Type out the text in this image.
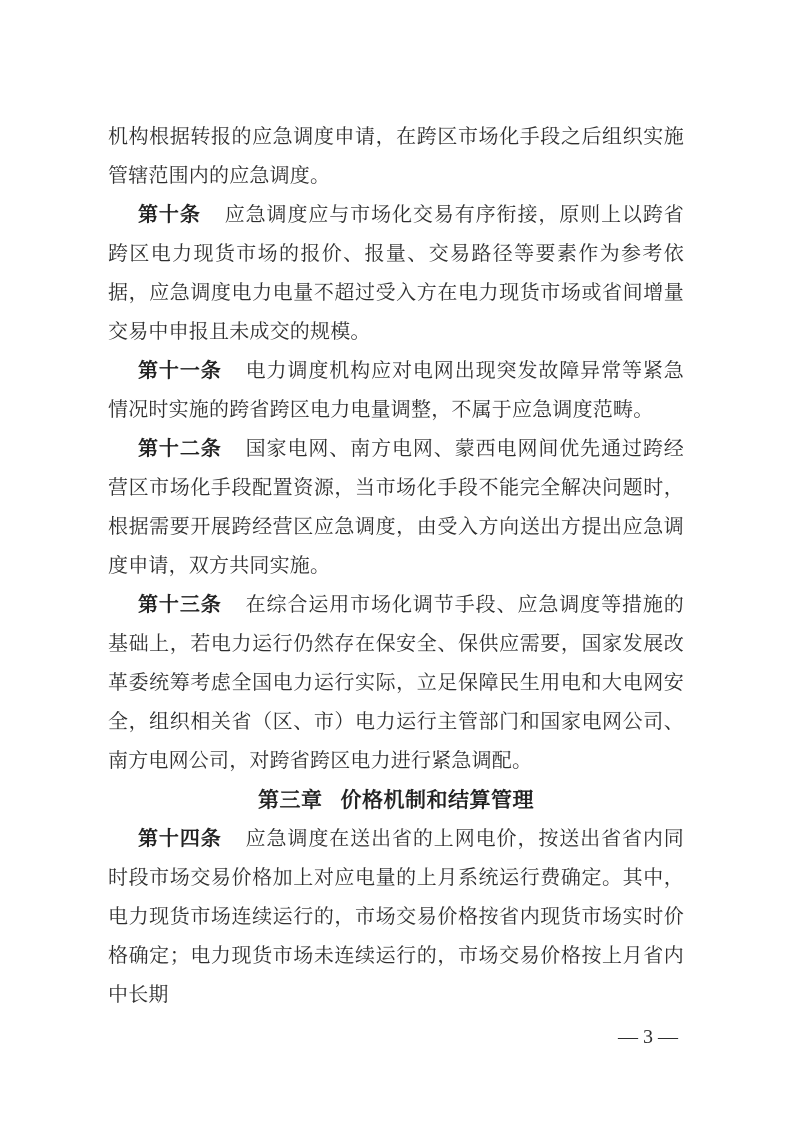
机构根据转报的应急调度申请，在跨区市场化手段之后组织实施管辖范围内的应急调度。

第十条 应急调度应与市场化交易有序衔接，原则上以跨省跨区电力现货市场的报价、报量、交易路径等要素作为参考依据，应急调度电力电量不超过受入方在电力现货市场或省间增量交易中申报且未成交的规模。

第十一条 电力调度机构应对电网出现突发故障异常等紧急情况时实施的跨省跨区电力电量调整，不属于应急调度范畴。

第十二条 国家电网、南方电网、蒙西电网间优先通过跨经营区市场化手段配置资源，当市场化手段不能完全解决问题时，根据需要开展跨经营区应急调度，由受入方向送出方提出应急调度申请，双方共同实施。

第十三条 在综合运用市场化调节手段、应急调度等措施的基础上，若电力运行仍然存在保安全、保供应需要，国家发展改革委统筹考虑全国电力运行实际，立足保障民生用电和大电网安全，组织相关省（区、市）电力运行主管部门和国家电网公司、南方电网公司，对跨省跨区电力进行紧急调配。

第三章 价格机制和结算管理

第十四条 应急调度在送出省的上网电价，按送出省省内同时段市场交易价格加上对应电量的上月系统运行费确定。其中，电力现货市场连续运行的，市场交易价格按省内现货市场实时价格确定；电力现货市场未连续运行的，市场交易价格按上月省内中长期

— 3 —
